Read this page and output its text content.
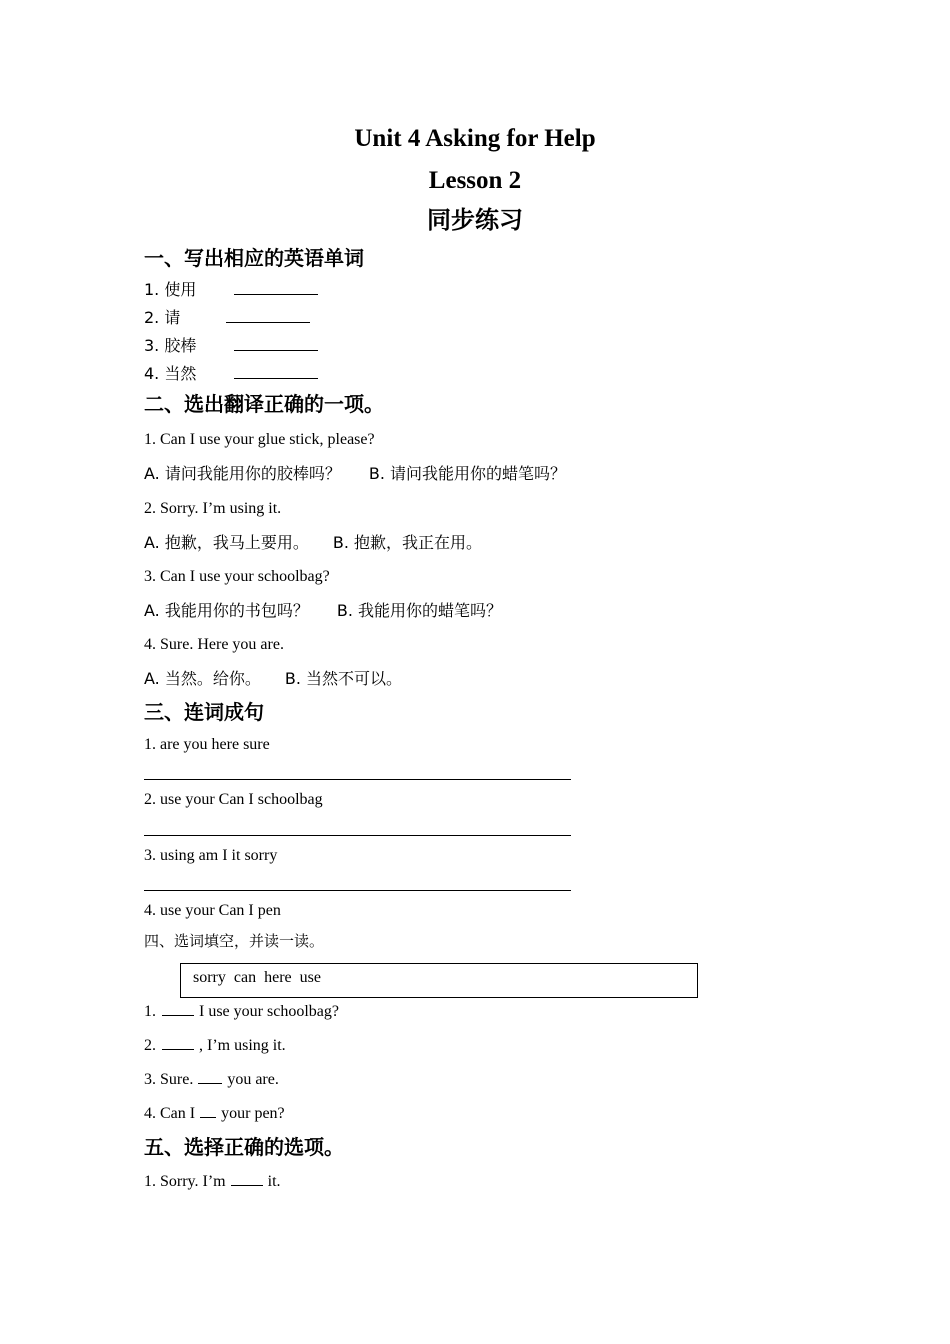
Unit 4 Asking for Help
Lesson 2
同步练习
一、写出相应的英语单词
1. 使用
2. 请
3. 胶棒
4. 当然
二、选出翻译正确的一项。
1. Can I use your glue stick, please?
A. 请问我能用你的胶棒吗？ B. 请问我能用你的蜡笔吗？
2. Sorry. I’m using it.
A. 抱歉，我马上要用。 B. 抱歉，我正在用。
3. Can I use your schoolbag?
A. 我能用你的书包吗？ B. 我能用你的蜡笔吗？
4. Sure. Here you are.
A. 当然。给你。 B. 当然不可以。
三、连词成句
1. are you here sure
2. use your Can I schoolbag
3. using am I it sorry
4. use your Can I pen
四、选词填空，并读一读。
sorry can here use
1.	I use your schoolbag?
2.	, I’m using it.
3. Sure. you are.
4. Can I your pen?
五、选择正确的选项。
1. Sorry. I’m	it.
